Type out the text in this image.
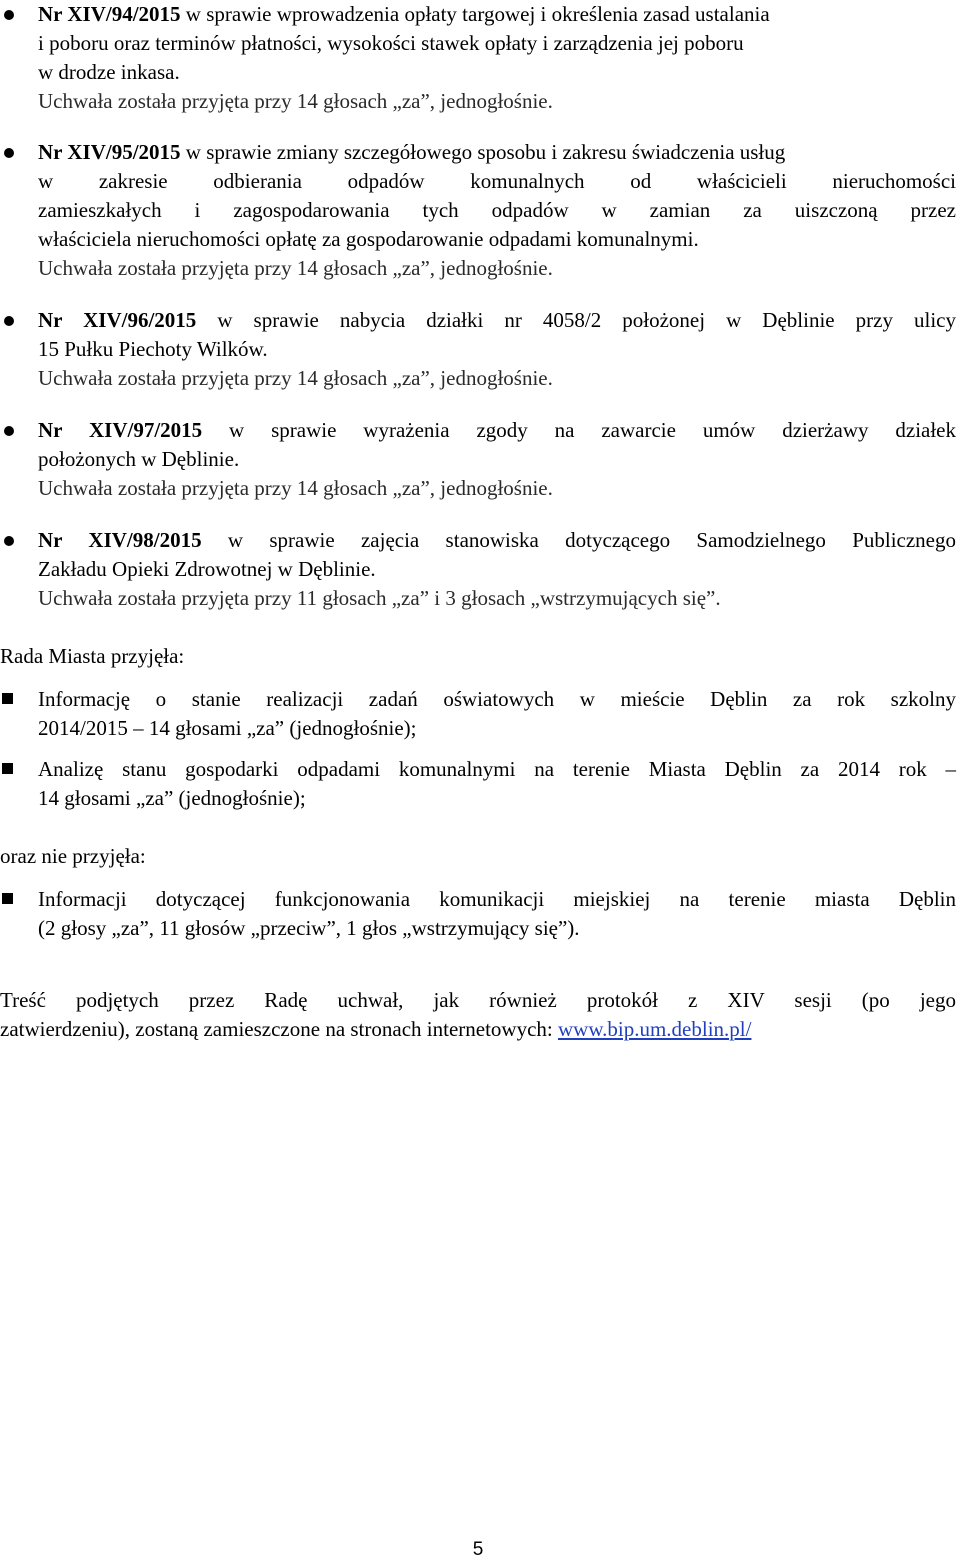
Nr XIV/94/2015 w sprawie wprowadzenia opłaty targowej i określenia zasad ustalania

i poboru oraz terminów płatności, wysokości stawek opłaty i zarządzenia jej poboru

w drodze inkasa.

Uchwała została przyjęta przy 14 głosach „za”, jednogłośnie.

Nr XIV/95/2015 w sprawie zmiany szczegółowego sposobu i zakresu świadczenia usług

w zakresie odbierania odpadów komunalnych od właścicieli nieruchomości

zamieszkałych i zagospodarowania tych odpadów w zamian za uiszczoną przez

właściciela nieruchomości opłatę za gospodarowanie odpadami komunalnymi.

Uchwała została przyjęta przy 14 głosach „za”, jednogłośnie.

Nr XIV/96/2015 w sprawie nabycia działki nr 4058/2 położonej w Dęblinie przy ulicy

15 Pułku Piechoty Wilków.

Uchwała została przyjęta przy 14 głosach „za”, jednogłośnie.

Nr XIV/97/2015 w sprawie wyrażenia zgody na zawarcie umów dzierżawy działek

położonych w Dęblinie.

Uchwała została przyjęta przy 14 głosach „za”, jednogłośnie.

Nr XIV/98/2015 w sprawie zajęcia stanowiska dotyczącego Samodzielnego Publicznego

Zakładu Opieki Zdrowotnej w Dęblinie.

Uchwała została przyjęta przy 11 głosach „za” i 3 głosach „wstrzymujących się”.

Rada Miasta przyjęła:

Informację o stanie realizacji zadań oświatowych w mieście Dęblin za rok szkolny

2014/2015 – 14 głosami „za” (jednogłośnie);

Analizę stanu gospodarki odpadami komunalnymi na terenie Miasta Dęblin za 2014 rok –

14 głosami „za” (jednogłośnie);

oraz nie przyjęła:

Informacji dotyczącej funkcjonowania komunikacji miejskiej na terenie miasta Dęblin

(2 głosy „za”, 11 głosów „przeciw”, 1 głos „wstrzymujący się”).

Treść podjętych przez Radę uchwał, jak również protokół z XIV sesji (po jego

zatwierdzeniu), zostaną zamieszczone na stronach internetowych: www.bip.um.deblin.pl/

5
